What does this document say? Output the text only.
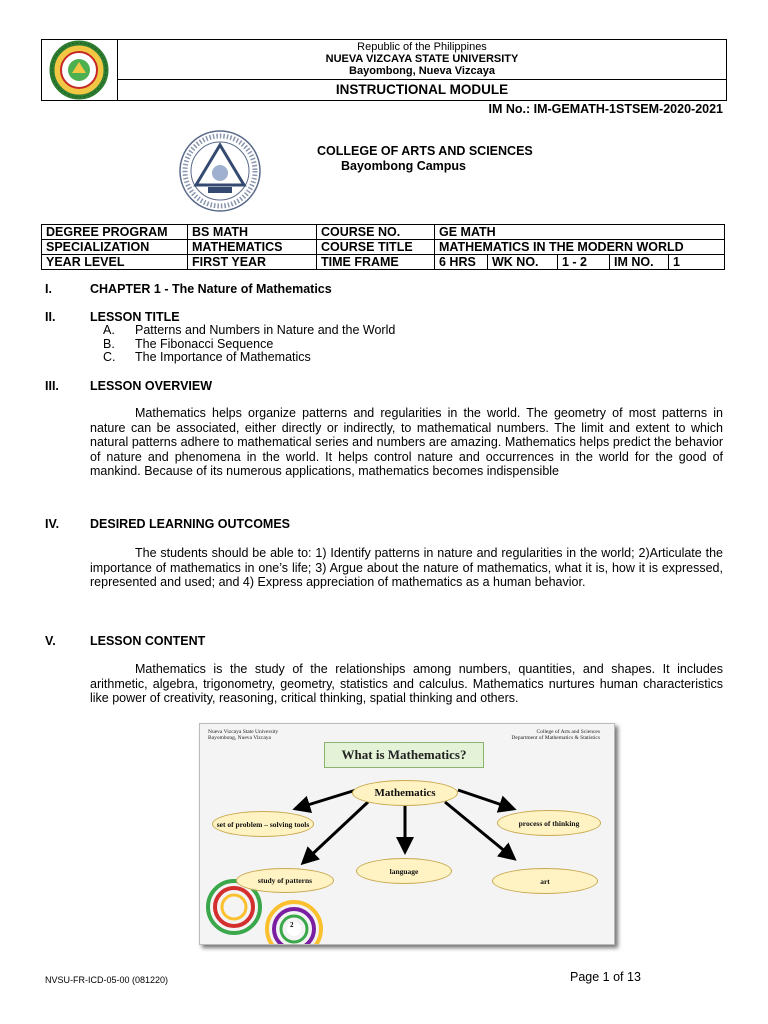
Republic of the Philippines
NUEVA VIZCAYA STATE UNIVERSITY
Bayombong, Nueva Vizcaya
INSTRUCTIONAL MODULE
IM No.: IM-GEMATH-1STSEM-2020-2021
COLLEGE OF ARTS AND SCIENCES
Bayombong Campus
DEGREE PROGRAM	BS MATH	COURSE NO.	GE MATH				
SPECIALIZATION	MATHEMATICS	COURSE TITLE	MATHEMATICS IN THE MODERN WORLD				
YEAR LEVEL	FIRST YEAR	TIME FRAME	6 HRS	WK NO.	1 - 2	IM NO.	1
I.	CHAPTER 1 - The Nature of Mathematics
II.	LESSON TITLE
A. Patterns and Numbers in Nature and the World
B. The Fibonacci Sequence
C. The Importance of Mathematics
III. LESSON OVERVIEW
Mathematics helps organize patterns and regularities in the world. The geometry of most patterns in nature can be associated, either directly or indirectly, to mathematical numbers. The limit and extent to which natural patterns adhere to mathematical series and numbers are amazing. Mathematics helps predict the behavior of nature and phenomena in the world. It helps control nature and occurrences in the world for the good of mankind. Because of its numerous applications, mathematics becomes indispensible
IV. DESIRED LEARNING OUTCOMES
The students should be able to: 1) Identify patterns in nature and regularities in the world; 2)Articulate the importance of mathematics in one’s life; 3) Argue about the nature of mathematics, what it is, how it is expressed, represented and used; and 4) Express appreciation of mathematics as a human behavior.
V.	LESSON CONTENT
Mathematics is the study of the relationships among numbers, quantities, and shapes. It includes arithmetic, algebra, trigonometry, geometry, statistics and calculus. Mathematics nurtures human characteristics like power of creativity, reasoning, critical thinking, spatial thinking and others.
Nueva Vizcaya State University
Bayombong, Nueva Vizcaya
College of Arts and Sciences
Department of Mathematics & Statistics
2
What is Mathematics?
Mathematics
set of problem – solving tools	process of thinking
study of patterns
language
art
NVSU-FR-ICD-05-00 (081220)	Page 1 of 13
